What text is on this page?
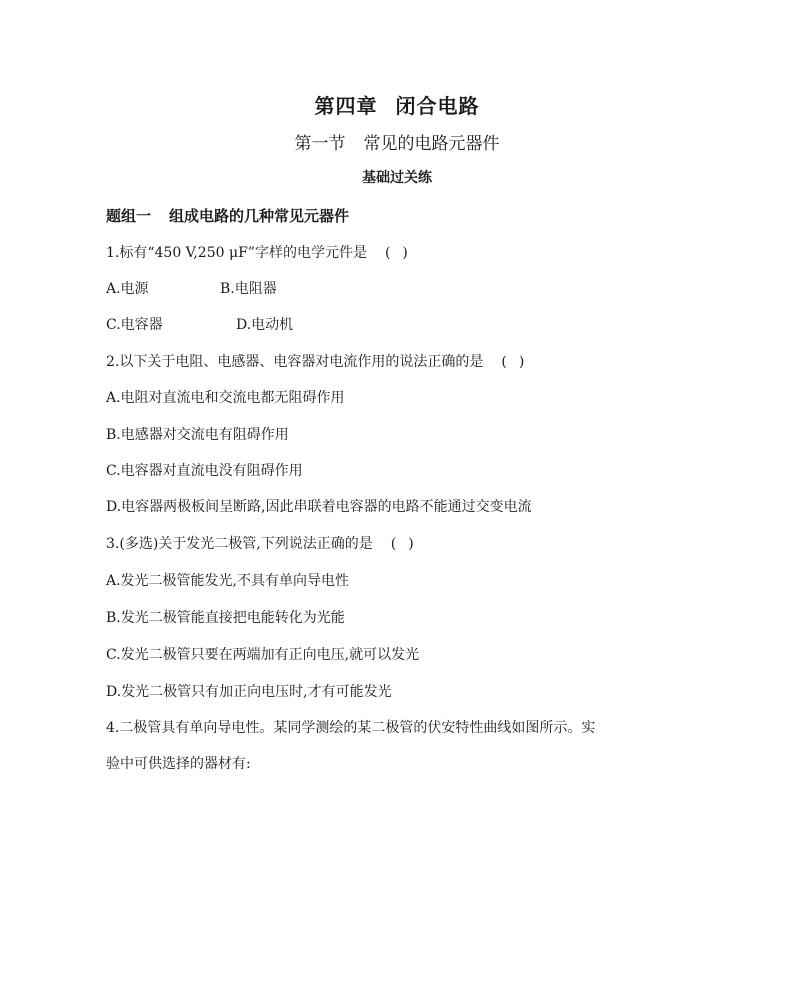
第四章 闭合电路
第一节 常见的电路元器件
基础过关练
题组一 组成电路的几种常见元器件
1.标有“450 V,250 μF”字样的电学元件是 ()
A.电源	B.电阻器
C.电容器	D.电动机
2.以下关于电阻、电感器、电容器对电流作用的说法正确的是 ()
A.电阻对直流电和交流电都无阻碍作用
B.电感器对交流电有阻碍作用
C.电容器对直流电没有阻碍作用
D.电容器两极板间呈断路,因此串联着电容器的电路不能通过交变电流
3.(多选)关于发光二极管,下列说法正确的是 ()
A.发光二极管能发光,不具有单向导电性
B.发光二极管能直接把电能转化为光能
C.发光二极管只要在两端加有正向电压,就可以发光
D.发光二极管只有加正向电压时,才有可能发光
4.二极管具有单向导电性。某同学测绘的某二极管的伏安特性曲线如图所示。实
验中可供选择的器材有:
